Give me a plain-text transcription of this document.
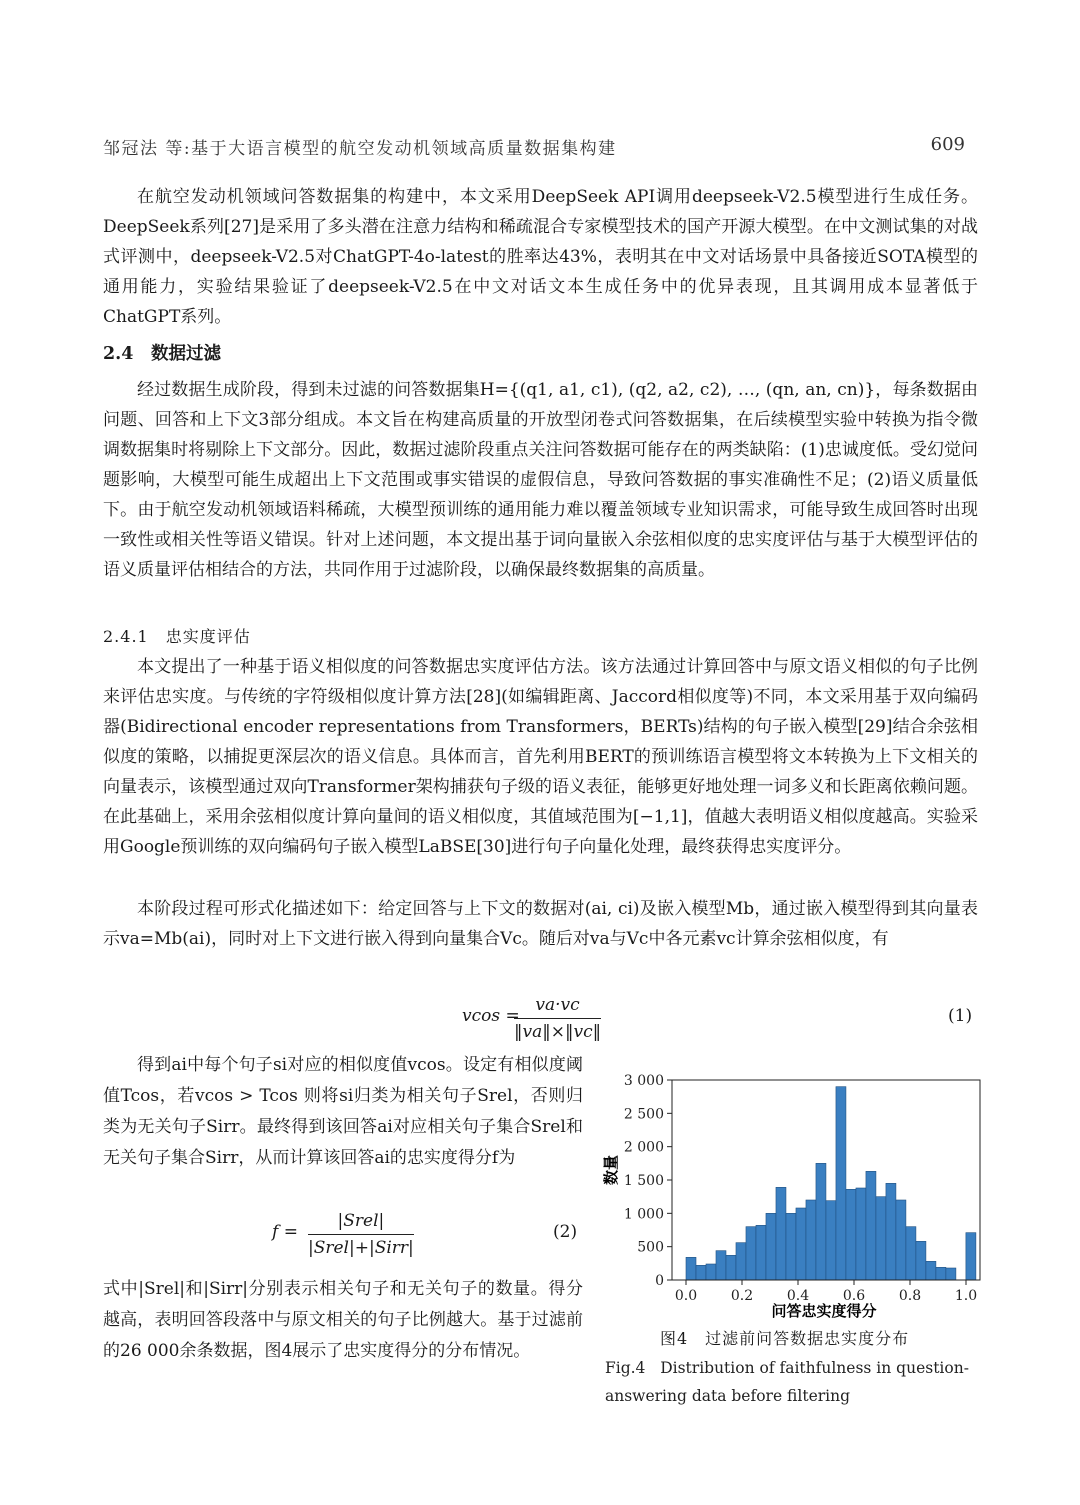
邹冠法 等:基于大语言模型的航空发动机领域高质量数据集构建	609

在航空发动机领域问答数据集的构建中，本文采用DeepSeek API调用deepseek-V2.5模型进行生成任务。DeepSeek系列[27]是采用了多头潜在注意力结构和稀疏混合专家模型技术的国产开源大模型。在中文测试集的对战式评测中，deepseek-V2.5对ChatGPT-4o-latest的胜率达43%，表明其在中文对话场景中具备接近SOTA模型的通用能力，实验结果验证了deepseek-V2.5在中文对话文本生成任务中的优异表现，且其调用成本显著低于ChatGPT系列。

2.4　数据过滤

经过数据生成阶段，得到未过滤的问答数据集H={(q1, a1, c1), (q2, a2, c2), …, (qn, an, cn)}，每条数据由问题、回答和上下文3部分组成。本文旨在构建高质量的开放型闭卷式问答数据集，在后续模型实验中转换为指令微调数据集时将剔除上下文部分。因此，数据过滤阶段重点关注问答数据可能存在的两类缺陷：(1)忠诚度低。受幻觉问题影响，大模型可能生成超出上下文范围或事实错误的虚假信息，导致问答数据的事实准确性不足；(2)语义质量低下。由于航空发动机领域语料稀疏，大模型预训练的通用能力难以覆盖领域专业知识需求，可能导致生成回答时出现一致性或相关性等语义错误。针对上述问题，本文提出基于词向量嵌入余弦相似度的忠实度评估与基于大模型评估的语义质量评估相结合的方法，共同作用于过滤阶段，以确保最终数据集的高质量。

2.4.1　忠实度评估

本文提出了一种基于语义相似度的问答数据忠实度评估方法。该方法通过计算回答中与原文语义相似的句子比例来评估忠实度。与传统的字符级相似度计算方法[28](如编辑距离、Jaccord相似度等)不同，本文采用基于双向编码器(Bidirectional encoder representations from Transformers，BERTs)结构的句子嵌入模型[29]结合余弦相似度的策略，以捕捉更深层次的语义信息。具体而言，首先利用BERT的预训练语言模型将文本转换为上下文相关的向量表示，该模型通过双向Transformer架构捕获句子级的语义表征，能够更好地处理一词多义和长距离依赖问题。在此基础上，采用余弦相似度计算向量间的语义相似度，其值域范围为[−1,1]，值越大表明语义相似度越高。实验采用Google预训练的双向编码句子嵌入模型LaBSE[30]进行句子向量化处理，最终获得忠实度评分。

本阶段过程可形式化描述如下：给定回答与上下文的数据对(ai, ci)及嵌入模型Mb，通过嵌入模型得到其向量表示va=Mb(ai)，同时对上下文进行嵌入得到向量集合Vc。随后对va与Vc中各元素vc计算余弦相似度，有

vcos =
$\frac{va\cdot vc}{‖va‖\times‖vc‖}$	(1)

得到ai中每个句子si对应的相似度值vcos。设定有相似度阈值Tcos，若vcos > Tcos 则将si归类为相关句子Srel，否则归类为无关句子Sirr。最终得到该回答ai对应相关句子集合Srel和无关句子集合Sirr，从而计算该回答ai的忠实度得分f为

f =
|Srel|
|Srel|+|Sirr|
(2)

式中|Srel|和|Sirr|分别表示相关句子和无关句子的数量。得分越高，表明回答段落中与原文相关的句子比例越大。基于过滤前的26 000余条数据，图4展示了忠实度得分的分布情况。

数量
问答忠实度得分
0
500
1 000
1 500
2 000
2 500
3 000
0.0 0.2 0.4 0.6 0.8 1.0
图4　过滤前问答数据忠实度分布
Fig.4 Distribution of faithfulness in question-answering data before filtering
